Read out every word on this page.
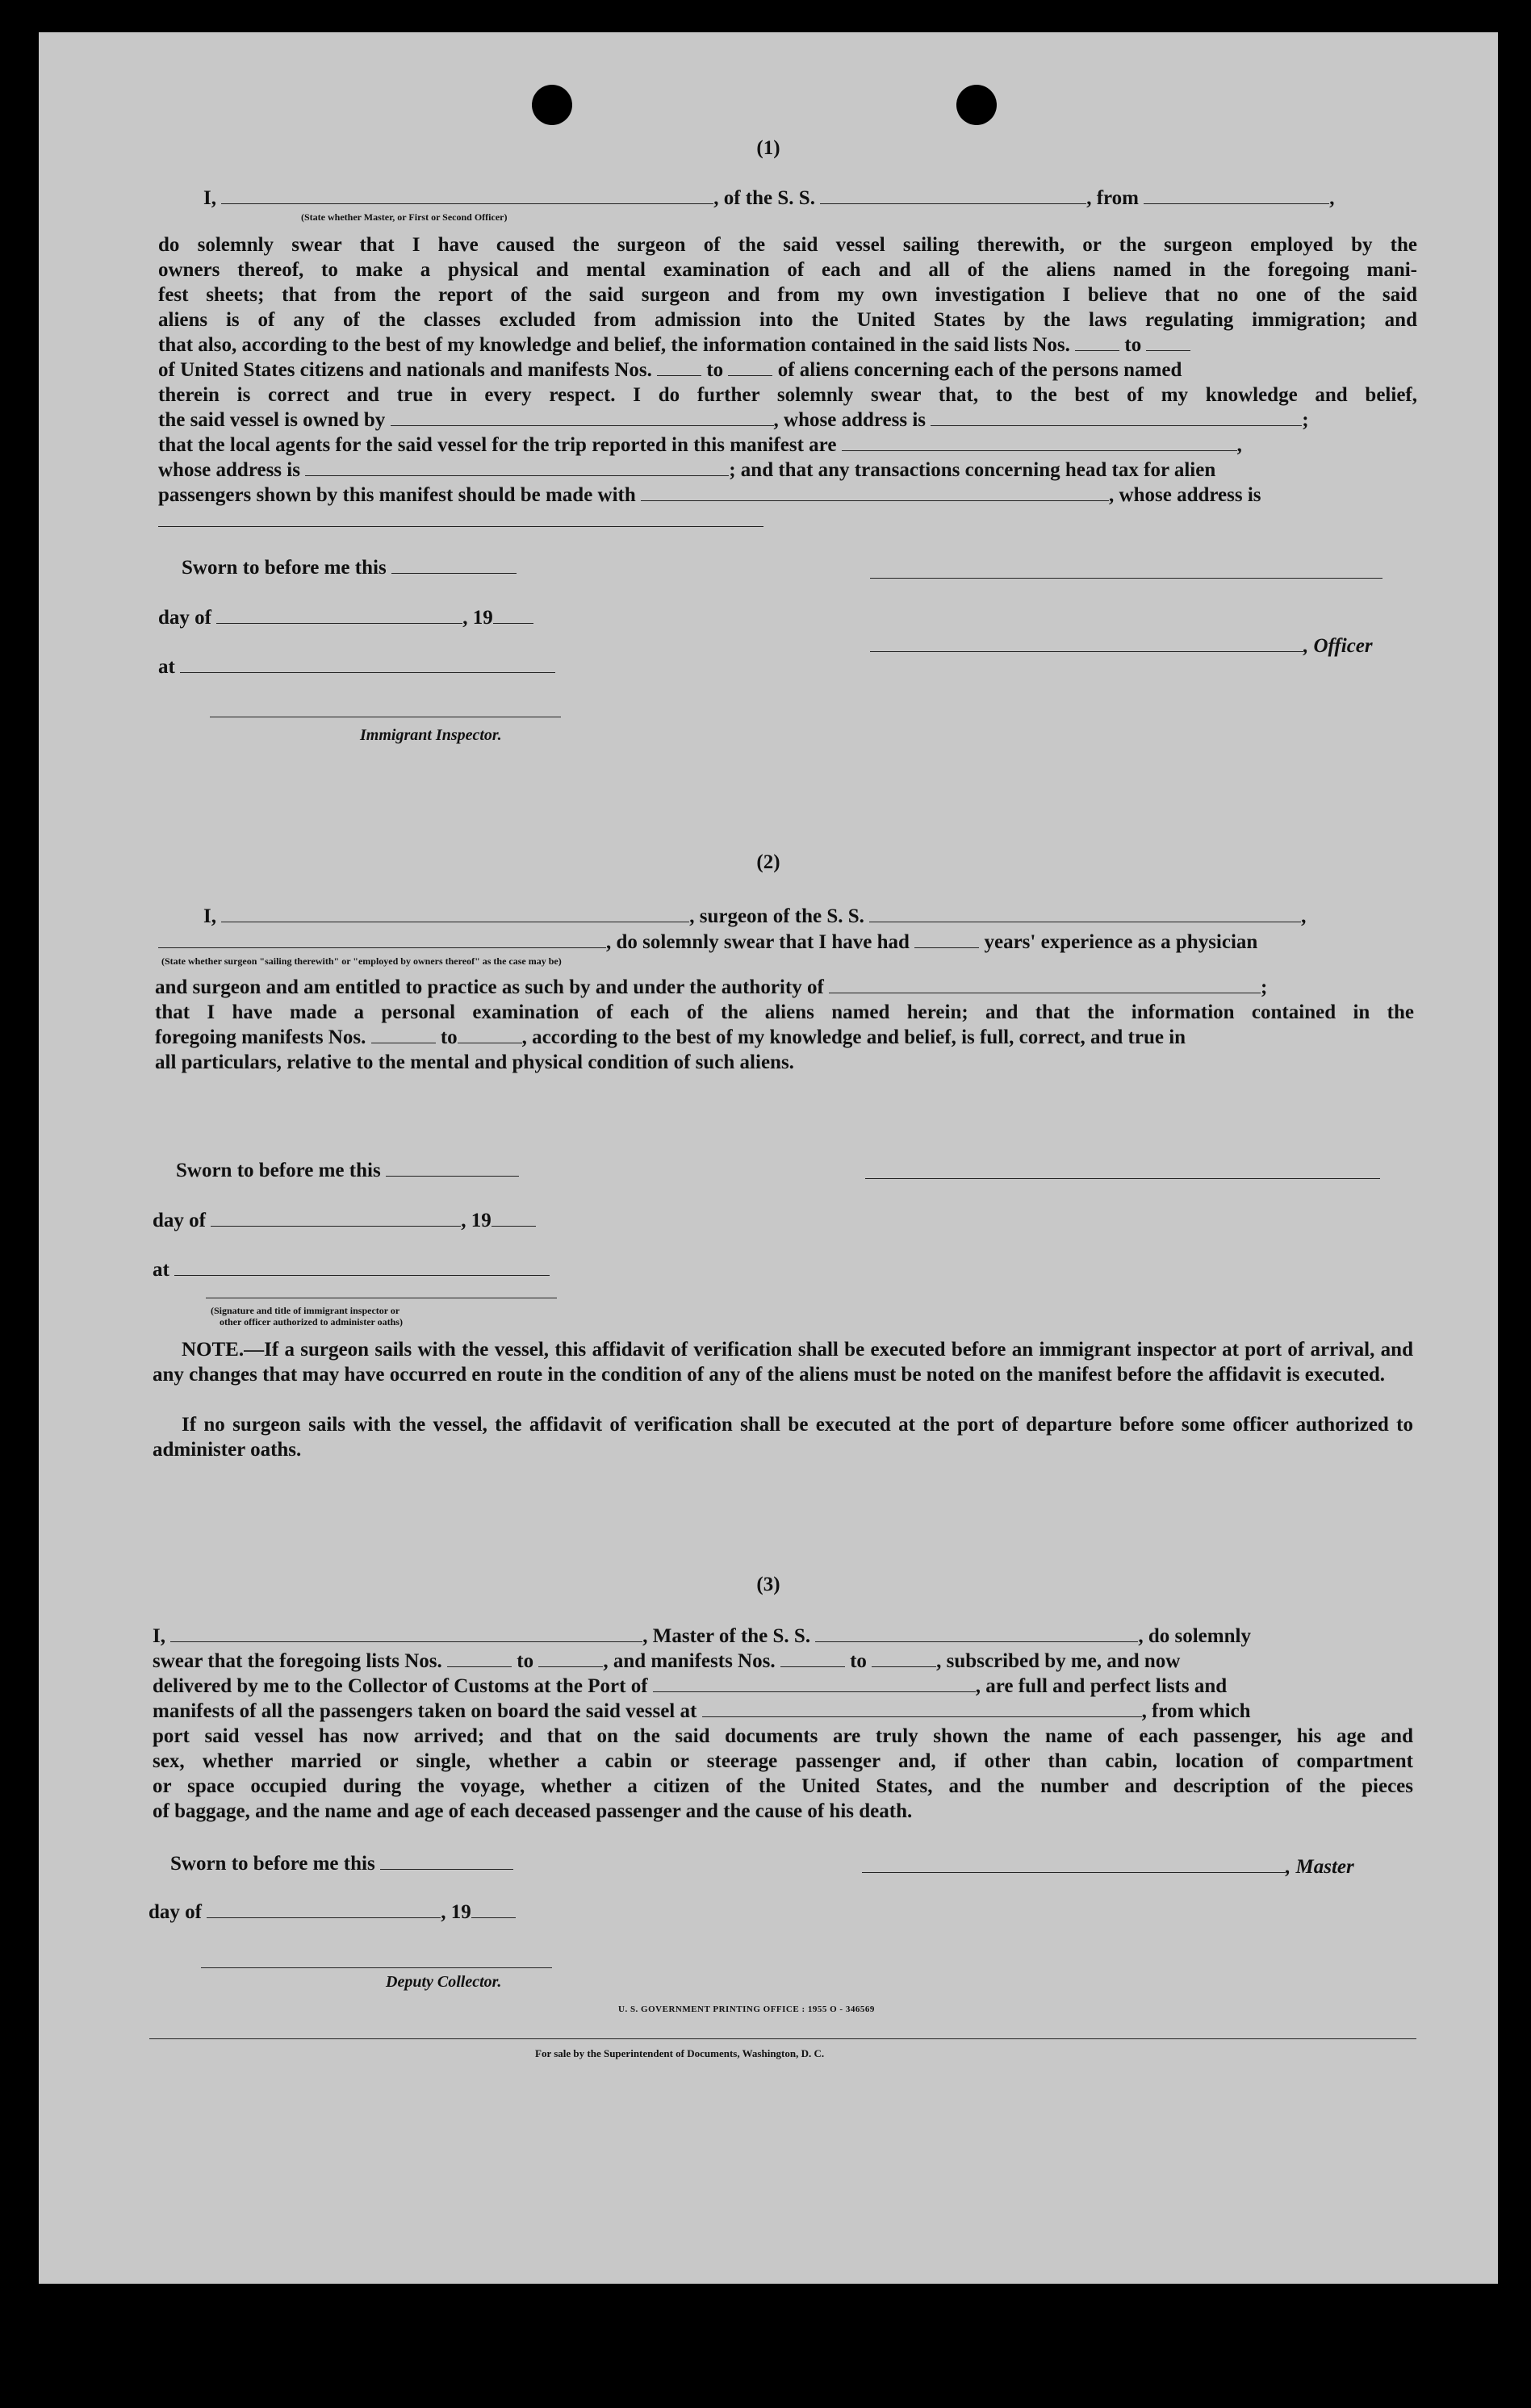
(1)
I,	, of the S. S.	, from	,
(State whether Master, or First or Second Officer)
do solemnly swear that I have caused the surgeon of the said vessel sailing therewith, or the surgeon employed by the
owners thereof, to make a physical and mental examination of each and all of the aliens named in the foregoing mani-
fest sheets; that from the report of the said surgeon and from my own investigation I believe that no one of the said
aliens is of any of the classes excluded from admission into the United States by the laws regulating immigration; and
that also, according to the best of my knowledge and belief, the information contained in the said lists Nos.	to
of United States citizens and nationals and manifests Nos.	to	of aliens concerning each of the persons named
therein is correct and true in every respect. I do further solemnly swear that, to the best of my knowledge and belief,
the said vessel is owned by	, whose address is	;
that the local agents for the said vessel for the trip reported in this manifest are	,
whose address is	; and that any transactions concerning head tax for alien
passengers shown by this manifest should be made with	, whose address is
Sworn to before me this
day of	, 19
at
Immigrant Inspector.
, Officer
(2)
I,	, surgeon of the S. S.	,
, do solemnly swear that I have had	years' experience as a physician
(State whether surgeon "sailing therewith" or "employed by owners thereof" as the case may be)
and surgeon and am entitled to practice as such by and under the authority of	;
that I have made a personal examination of each of the aliens named herein; and that the information contained in the
foregoing manifests Nos.	to	, according to the best of my knowledge and belief, is full, correct, and true in
all particulars, relative to the mental and physical condition of such aliens.
Sworn to before me this
day of	, 19
at
(Signature and title of immigrant inspector or
other officer authorized to administer oaths)
NOTE.—If a surgeon sails with the vessel, this affidavit of verification shall be executed before an immigrant inspector at port of arrival, and any changes that may have occurred en route in the condition of any of the aliens must be noted on the manifest before the affidavit is executed.
If no surgeon sails with the vessel, the affidavit of verification shall be executed at the port of departure before some officer authorized to administer oaths.
(3)
I,	, Master of the S. S.	, do solemnly
swear that the foregoing lists Nos.	to	, and manifests Nos.	to	, subscribed by me, and now
delivered by me to the Collector of Customs at the Port of	, are full and perfect lists and
manifests of all the passengers taken on board the said vessel at	, from which
port said vessel has now arrived; and that on the said documents are truly shown the name of each passenger, his age and
sex, whether married or single, whether a cabin or steerage passenger and, if other than cabin, location of compartment
or space occupied during the voyage, whether a citizen of the United States, and the number and description of the pieces
of baggage, and the name and age of each deceased passenger and the cause of his death.
Sworn to before me this
day of	, 19
Deputy Collector.
, Master
U. S. GOVERNMENT PRINTING OFFICE : 1955 O - 346569
For sale by the Superintendent of Documents, Washington, D. C.
